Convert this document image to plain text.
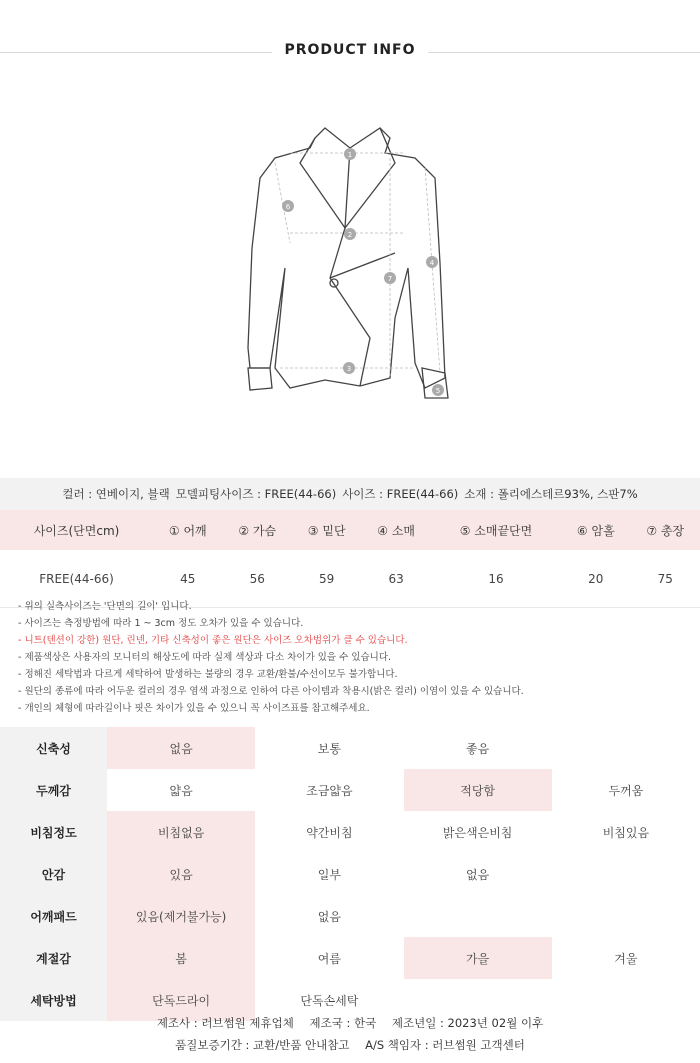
PRODUCT INFO
1
2
3
4
5
6
7
컬러 : 연베이지, 블랙 모델피팅사이즈 : FREE(44-66) 사이즈 : FREE(44-66) 소재 : 폴리에스테르93%, 스판7%
사이즈(단면cm)	① 어깨	② 가슴	③ 밑단	④ 소매	⑤ 소매끝단면	⑥ 암홀	⑦ 총장
FREE(44-66)	45	56	59	63	16	20	75
- 위의 실측사이즈는 '단면의 길이' 입니다.
- 사이즈는 측정방법에 따라 1 ~ 3cm 정도 오차가 있을 수 있습니다.
- 니트(텐션이 강한) 원단, 린넨, 기타 신축성이 좋은 원단은 사이즈 오차범위가 클 수 있습니다.
- 제품색상은 사용자의 모니터의 해상도에 따라 실제 색상과 다소 차이가 있을 수 있습니다.
- 정해진 세탁법과 다르게 세탁하여 발생하는 불량의 경우 교환/환불/수선이모두 불가합니다.
- 원단의 종류에 따라 어두운 컬러의 경우 염색 과정으로 인하여 다른 아이템과 착용시(밝은 컬러) 이염이 있을 수 있습니다.
- 개인의 체형에 따라길이나 핏은 차이가 있을 수 있으니 꼭 사이즈표를 참고해주세요.
신축성	없음	보통	좋음	
두께감	얇음	조금얇음	적당함	두꺼움
비침정도	비침없음	약간비침	밝은색은비침	비침있음
안감	있음	일부	없음	
어깨패드	있음(제거불가능)	없음		
계절감	봄	여름	가을	겨울
세탁방법	단독드라이	단독손세탁		
제조사 : 러브썸원 제휴업체 제조국 : 한국 제조년일 : 2023년 02월 이후
품질보증기간 : 교환/반품 안내참고 A/S 책임자 : 러브썸원 고객센터
